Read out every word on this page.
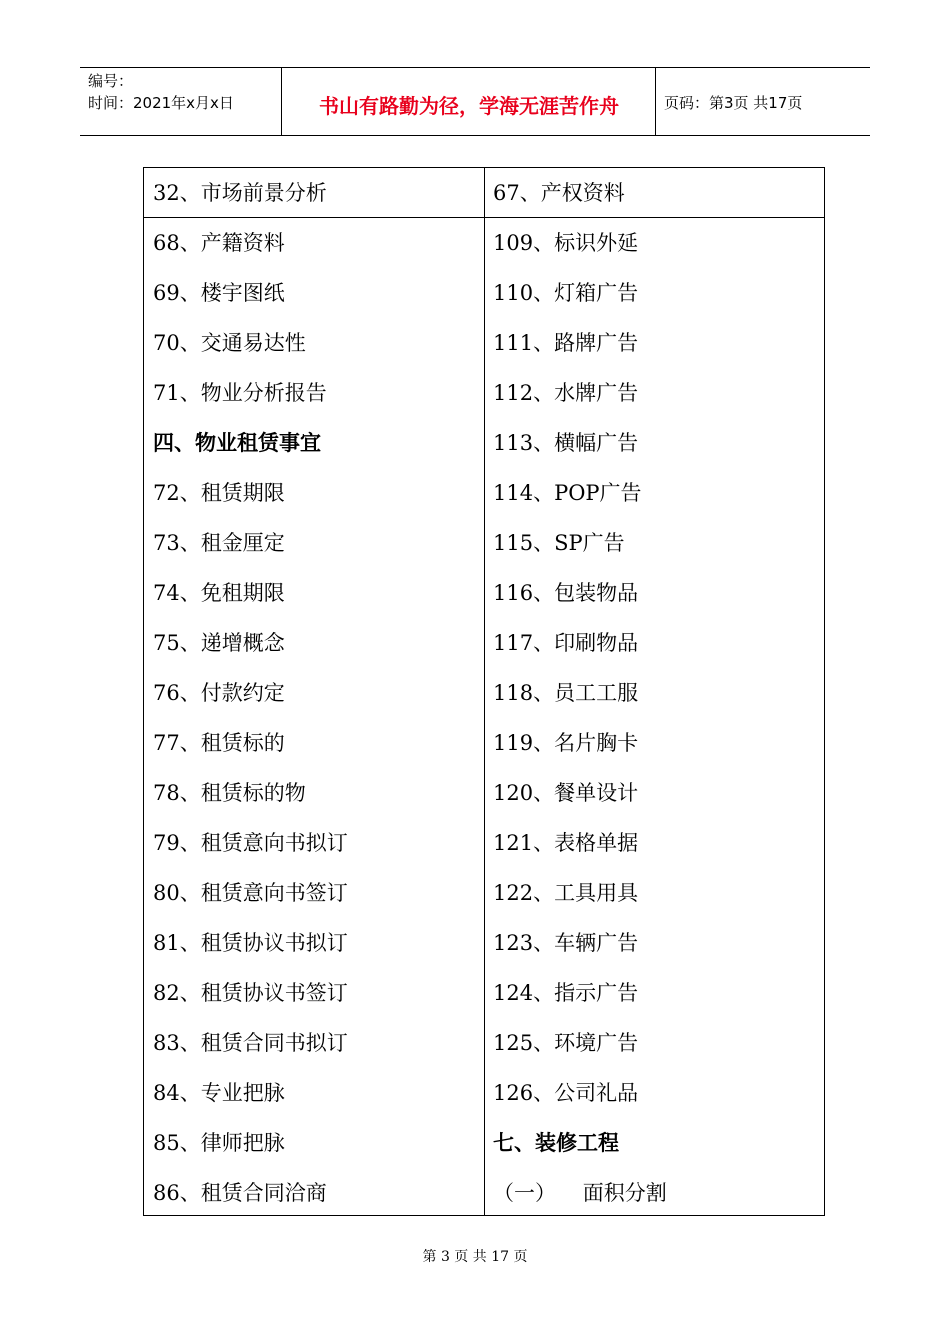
编号：
时间：2021年x月x日	书山有路勤为径，学海无涯苦作舟	页码：第3页 共17页
32、市场前景分析	67、产权资料
68、产籍资料	109、标识外延
69、楼宇图纸	110、灯箱广告
70、交通易达性	111、路牌广告
71、物业分析报告	112、水牌广告
四、物业租赁事宜	113、横幅广告
72、租赁期限	114、POP广告
73、租金厘定	115、SP广告
74、免租期限	116、包装物品
75、递增概念	117、印刷物品
76、付款约定	118、员工工服
77、租赁标的	119、名片胸卡
78、租赁标的物	120、餐单设计
79、租赁意向书拟订	121、表格单据
80、租赁意向书签订	122、工具用具
81、租赁协议书拟订	123、车辆广告
82、租赁协议书签订	124、指示广告
83、租赁合同书拟订	125、环境广告
84、专业把脉	126、公司礼品
85、律师把脉	七、装修工程
86、租赁合同洽商	（一）    面积分割
第 3 页 共 17 页
